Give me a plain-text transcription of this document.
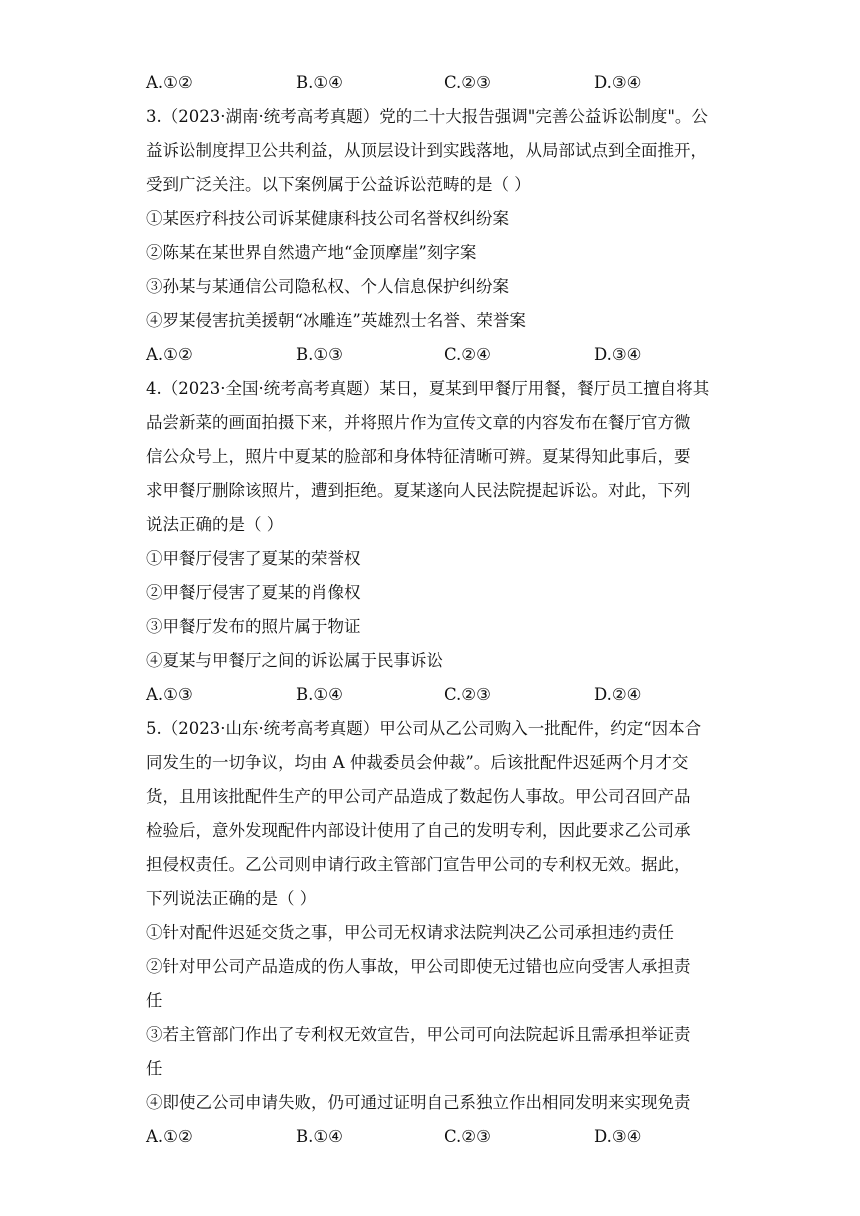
A.①②	B.①④	C.②③	D.③④
3.（2023·湖南·统考高考真题）党的二十大报告强调"完善公益诉讼制度"。公
益诉讼制度捍卫公共利益，从顶层设计到实践落地，从局部试点到全面推开，
受到广泛关注。以下案例属于公益诉讼范畴的是（ ）
①某医疗科技公司诉某健康科技公司名誉权纠纷案
②陈某在某世界自然遗产地“金顶摩崖”刻字案
③孙某与某通信公司隐私权、个人信息保护纠纷案
④罗某侵害抗美援朝“冰雕连”英雄烈士名誉、荣誉案
A.①②	B.①③	C.②④	D.③④
4.（2023·全国·统考高考真题）某日，夏某到甲餐厅用餐，餐厅员工擅自将其
品尝新菜的画面拍摄下来，并将照片作为宣传文章的内容发布在餐厅官方微
信公众号上，照片中夏某的脸部和身体特征清晰可辨。夏某得知此事后，要
求甲餐厅删除该照片，遭到拒绝。夏某遂向人民法院提起诉讼。对此，下列
说法正确的是（ ）
①甲餐厅侵害了夏某的荣誉权
②甲餐厅侵害了夏某的肖像权
③甲餐厅发布的照片属于物证
④夏某与甲餐厅之间的诉讼属于民事诉讼
A.①③	B.①④	C.②③	D.②④
5.（2023·山东·统考高考真题）甲公司从乙公司购入一批配件，约定“因本合
同发生的一切争议，均由 A 仲裁委员会仲裁”。后该批配件迟延两个月才交
货，且用该批配件生产的甲公司产品造成了数起伤人事故。甲公司召回产品
检验后，意外发现配件内部设计使用了自己的发明专利，因此要求乙公司承
担侵权责任。乙公司则申请行政主管部门宣告甲公司的专利权无效。据此，
下列说法正确的是（ ）
①针对配件迟延交货之事，甲公司无权请求法院判决乙公司承担违约责任
②针对甲公司产品造成的伤人事故，甲公司即使无过错也应向受害人承担责
任
③若主管部门作出了专利权无效宣告，甲公司可向法院起诉且需承担举证责
任
④即使乙公司申请失败，仍可通过证明自己系独立作出相同发明来实现免责
A.①②	B.①④	C.②③	D.③④
